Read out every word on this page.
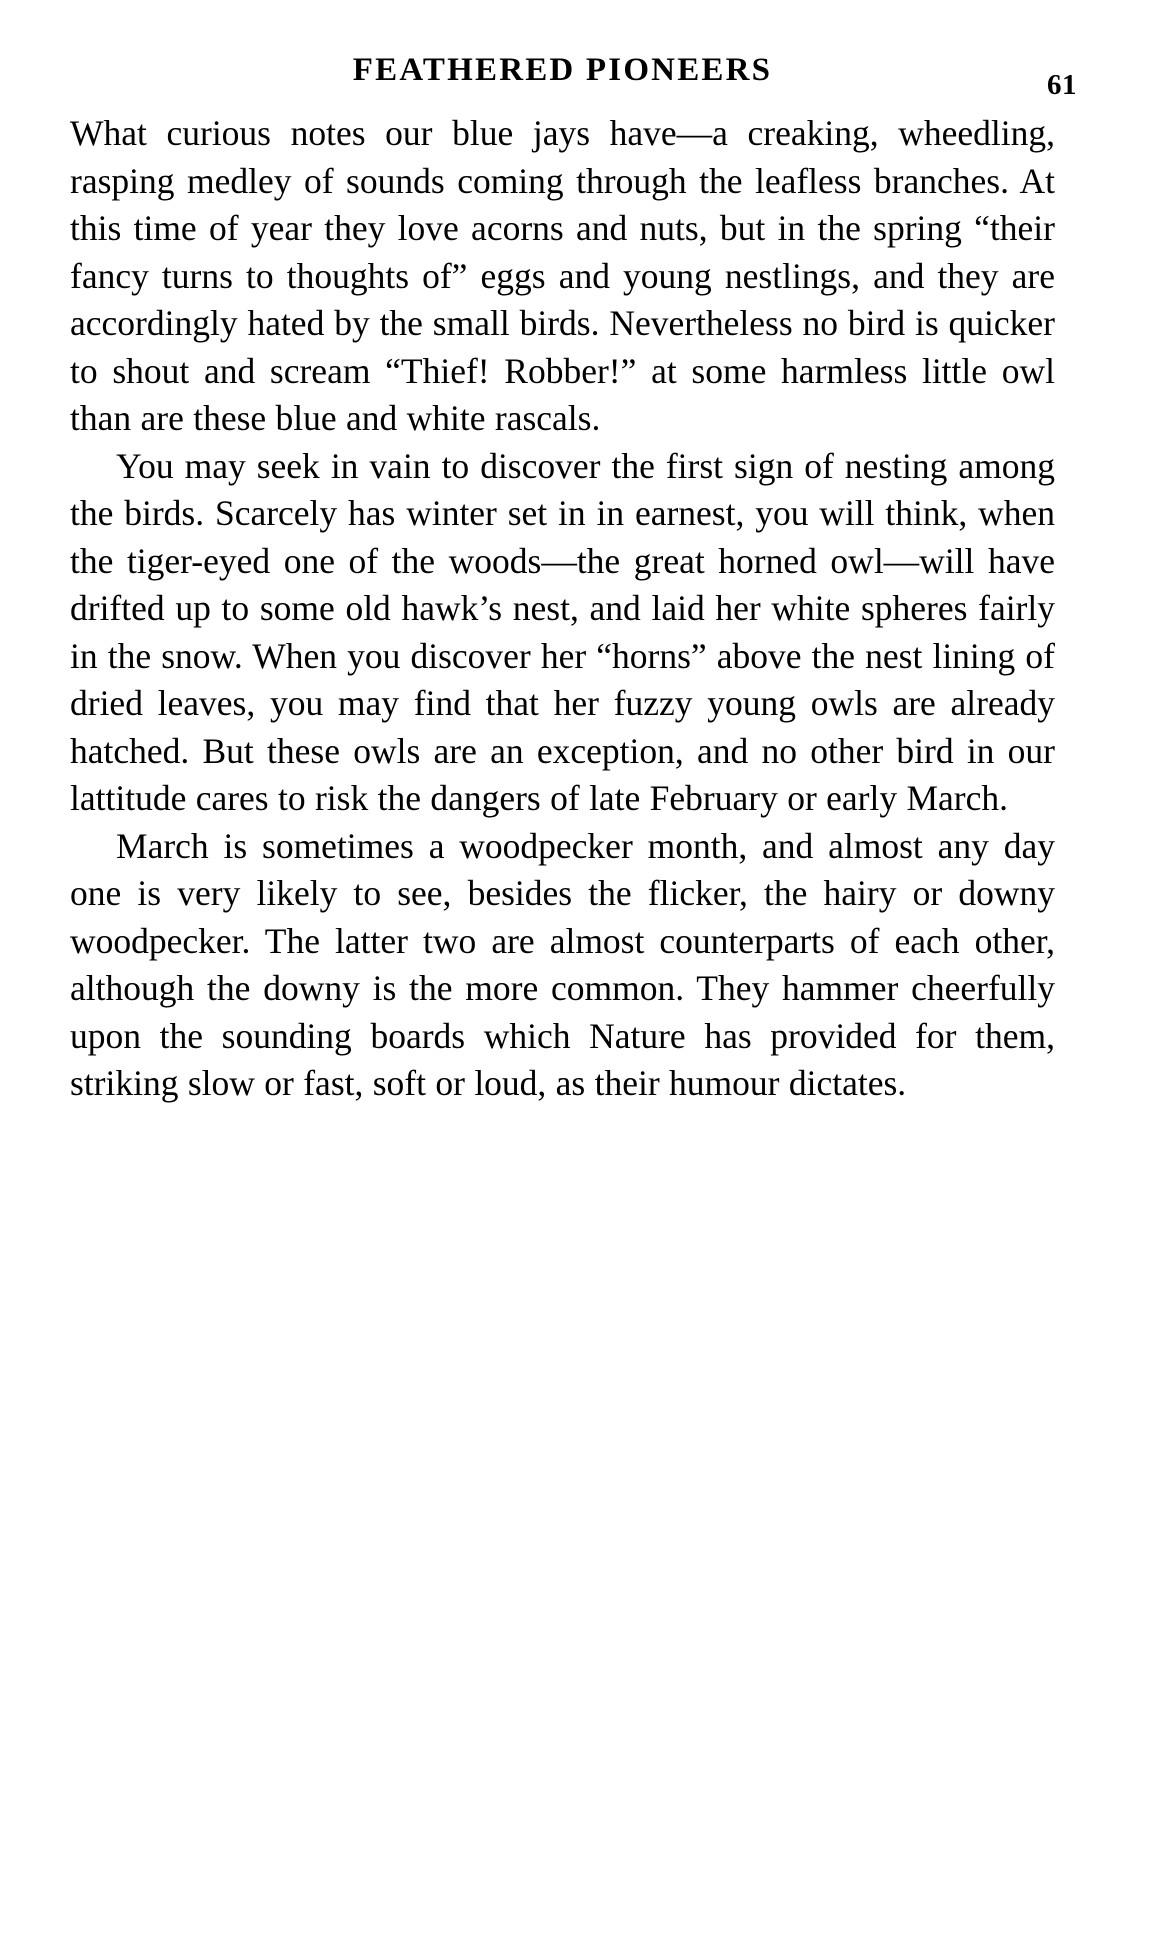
FEATHERED PIONEERS	61

What curious notes our blue jays have—a creaking, wheedling, rasping medley of sounds coming through the leafless branches. At this time of year they love acorns and nuts, but in the spring “their fancy turns to thoughts of” eggs and young nestlings, and they are accordingly hated by the small birds. Nevertheless no bird is quicker to shout and scream “Thief! Robber!” at some harmless little owl than are these blue and white rascals.

You may seek in vain to discover the first sign of nesting among the birds. Scarcely has winter set in in earnest, you will think, when the tiger-eyed one of the woods—the great horned owl—will have drifted up to some old hawk’s nest, and laid her white spheres fairly in the snow. When you discover her “horns” above the nest lining of dried leaves, you may find that her fuzzy young owls are already hatched. But these owls are an exception, and no other bird in our lattitude cares to risk the dangers of late February or early March.

March is sometimes a woodpecker month, and almost any day one is very likely to see, besides the flicker, the hairy or downy woodpecker. The latter two are almost counterparts of each other, although the downy is the more common. They hammer cheerfully upon the sounding boards which Nature has provided for them, striking slow or fast, soft or loud, as their humour dictates.
